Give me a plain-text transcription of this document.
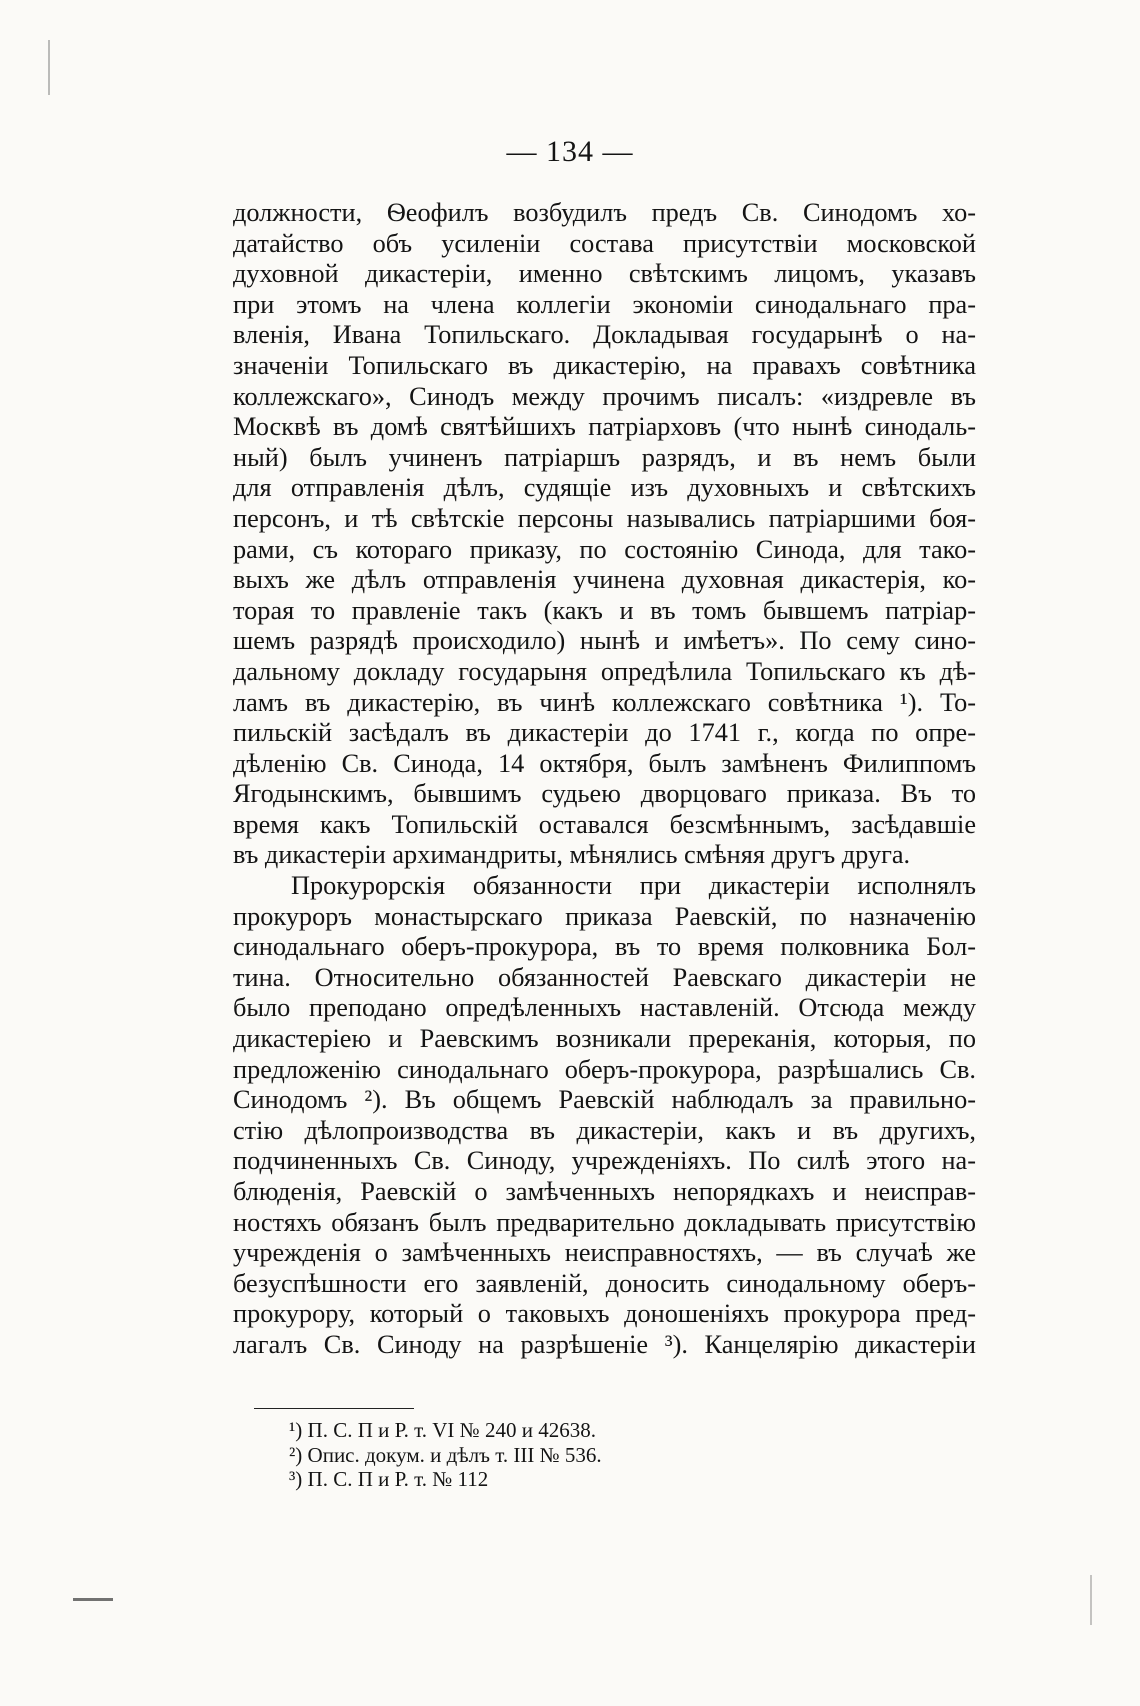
— 134 —
должности, Ѳеофилъ возбудилъ предъ Св. Синодомъ хо-
датайство объ усиленіи состава присутствіи московской
духовной дикастеріи, именно свѣтскимъ лицомъ, указавъ
при этомъ на члена коллегіи экономіи синодальнаго пра-
вленія, Ивана Топильскаго. Докладывая государынѣ о на-
значеніи Топильскаго въ дикастерію, на правахъ совѣтника
коллежскаго», Синодъ между прочимъ писалъ: «издревле въ
Москвѣ въ домѣ святѣйшихъ патріарховъ (что нынѣ синодаль-
ный) былъ учиненъ патріаршъ разрядъ, и въ немъ были
для отправленія дѣлъ, судящіе изъ духовныхъ и свѣтскихъ
персонъ, и тѣ свѣтскіе персоны назывались патріаршими боя-
рами, съ котораго приказу, по состоянію Синода, для тако-
выхъ же дѣлъ отправленія учинена духовная дикастерія, ко-
торая то правленіе такъ (какъ и въ томъ бывшемъ патріар-
шемъ разрядѣ происходило) нынѣ и имѣетъ». По сему сино-
дальному докладу государыня опредѣлила Топильскаго къ дѣ-
ламъ въ дикастерію, въ чинѣ коллежскаго совѣтника ¹). То-
пильскій засѣдалъ въ дикастеріи до 1741 г., когда по опре-
дѣленію Св. Синода, 14 октября, былъ замѣненъ Филиппомъ
Ягодынскимъ, бывшимъ судьею дворцоваго приказа. Въ то
время какъ Топильскій оставался безсмѣннымъ, засѣдавшіе
въ дикастеріи архимандриты, мѣнялись смѣняя другъ друга.
Прокурорскія обязанности при дикастеріи исполнялъ
прокуроръ монастырскаго приказа Раевскій, по назначенію
синодальнаго оберъ-прокурора, въ то время полковника Бол-
тина. Относительно обязанностей Раевскаго дикастеріи не
было преподано опредѣленныхъ наставленій. Отсюда между
дикастеріею и Раевскимъ возникали пререканія, которыя, по
предложенію синодальнаго оберъ-прокурора, разрѣшались Св.
Синодомъ ²). Въ общемъ Раевскій наблюдалъ за правильно-
стію дѣлопроизводства въ дикастеріи, какъ и въ другихъ,
подчиненныхъ Св. Синоду, учрежденіяхъ. По силѣ этого на-
блюденія, Раевскій о замѣченныхъ непорядкахъ и неисправ-
ностяхъ обязанъ былъ предварительно докладывать присутствію
учрежденія о замѣченныхъ неисправностяхъ, — въ случаѣ же
безуспѣшности его заявленій, доносить синодальному оберъ-
прокурору, который о таковыхъ доношеніяхъ прокурора пред-
лагалъ Св. Синоду на разрѣшеніе ³). Канцелярію дикастеріи
¹) П. С. П и Р. т. VI № 240 и 42638.
²) Опис. докум. и дѣлъ т. III № 536.
³) П. С. П и Р. т. № 112
